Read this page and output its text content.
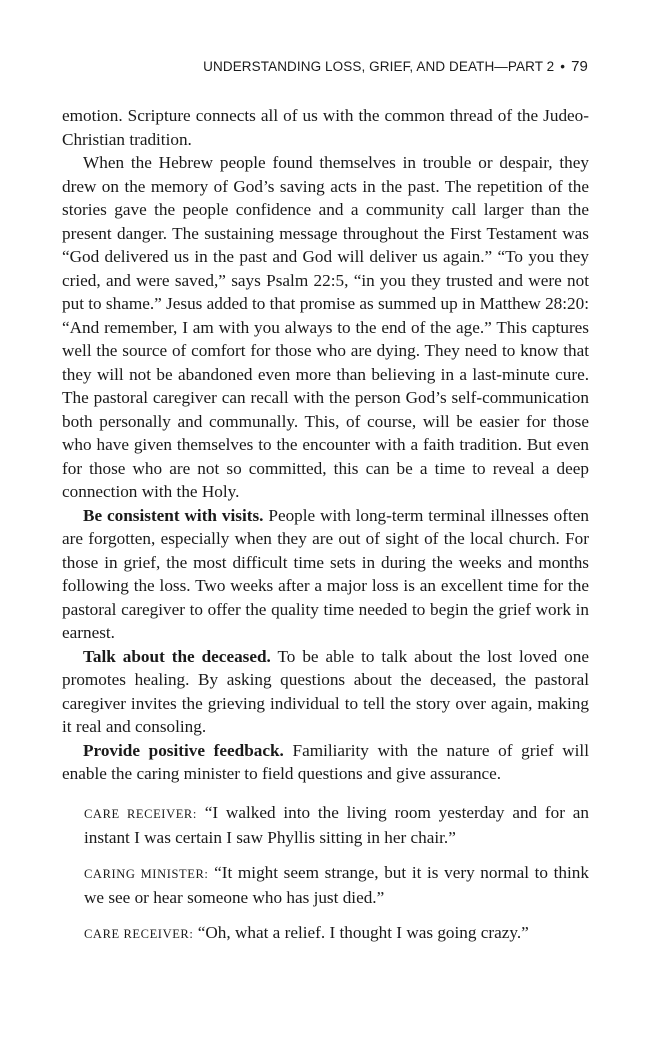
UNDERSTANDING LOSS, GRIEF, AND DEATH—PART 2 • 79

emotion. Scripture connects all of us with the common thread of the Judeo-Christian tradition.

When the Hebrew people found themselves in trouble or despair, they drew on the memory of God’s saving acts in the past. The repetition of the stories gave the people confidence and a community call larger than the present danger. The sustaining message throughout the First Testament was “God delivered us in the past and God will deliver us again.” “To you they cried, and were saved,” says Psalm 22:5, “in you they trusted and were not put to shame.” Jesus added to that promise as summed up in Matthew 28:20: “And remember, I am with you always to the end of the age.” This captures well the source of comfort for those who are dying. They need to know that they will not be abandoned even more than believing in a last-minute cure. The pastoral caregiver can recall with the person God’s self-communication both personally and communally. This, of course, will be easier for those who have given themselves to the encounter with a faith tradition. But even for those who are not so committed, this can be a time to reveal a deep connection with the Holy.

Be consistent with visits. People with long-term terminal illnesses often are forgotten, especially when they are out of sight of the local church. For those in grief, the most difficult time sets in during the weeks and months following the loss. Two weeks after a major loss is an excellent time for the pastoral caregiver to offer the quality time needed to begin the grief work in earnest.

Talk about the deceased. To be able to talk about the lost loved one promotes healing. By asking questions about the deceased, the pastoral caregiver invites the grieving individual to tell the story over again, making it real and consoling.

Provide positive feedback. Familiarity with the nature of grief will enable the caring minister to field questions and give assurance.

CARE RECEIVER: “I walked into the living room yesterday and for an instant I was certain I saw Phyllis sitting in her chair.”

CARING MINISTER: “It might seem strange, but it is very normal to think we see or hear someone who has just died.”

CARE RECEIVER: “Oh, what a relief. I thought I was going crazy.”
